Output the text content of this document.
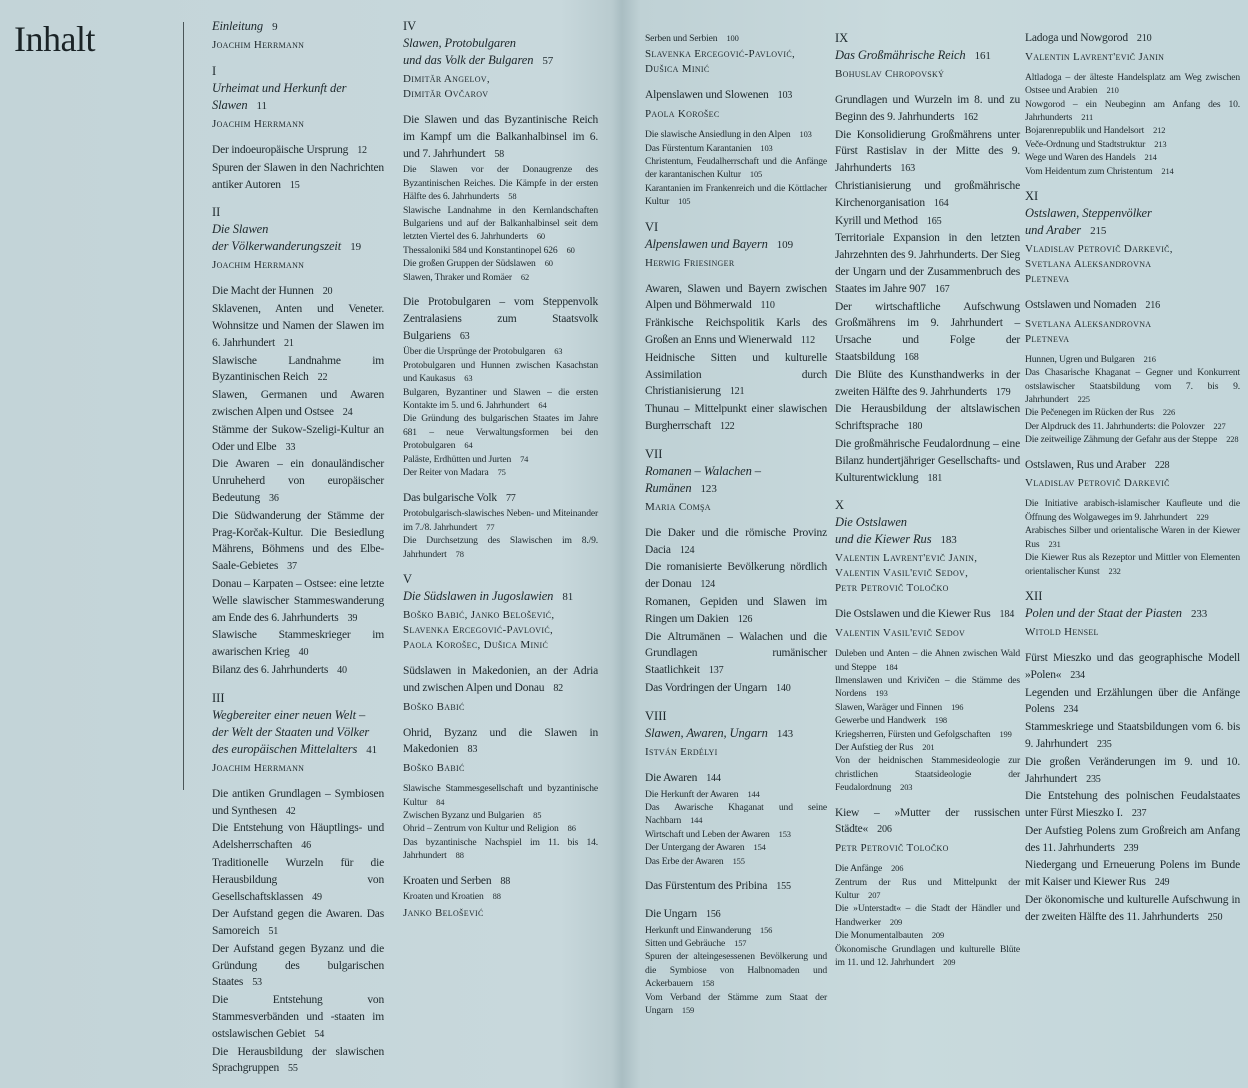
Inhalt	Einleitung 9
Joachim Herrmann
I
Urheimat und Herkunft der Slawen 11
Joachim Herrmann
Der indoeuropäische Ursprung 12
Spuren der Slawen in den Nachrichten antiker Autoren 15
II
Die Slawen
der Völkerwanderungszeit 19
Joachim Herrmann
Die Macht der Hunnen 20
Sklavenen, Anten und Veneter. Wohnsitze und Namen der Slawen im 6. Jahrhundert 21
Slawische Landnahme im Byzantinischen Reich 22
Slawen, Germanen und Awaren zwischen Alpen und Ostsee 24
Stämme der Sukow-Szeligi-Kultur an Oder und Elbe 33
Die Awaren – ein donauländischer Unruheherd von europäischer Bedeutung 36
Die Südwanderung der Stämme der Prag-Korčak-Kultur. Die Besiedlung Mährens, Böhmens und des Elbe-Saale-Gebietes 37
Donau – Karpaten – Ostsee: eine letzte Welle slawischer Stammeswanderung am Ende des 6. Jahrhunderts 39
Slawische Stammeskrieger im awarischen Krieg 40
Bilanz des 6. Jahrhunderts 40
III
Wegbereiter einer neuen Welt –
der Welt der Staaten und Völker
des europäischen Mittelalters 41
Joachim Herrmann
Die antiken Grundlagen – Symbiosen und Synthesen 42
Die Entstehung von Häuptlings- und Adelsherrschaften 46
Traditionelle Wurzeln für die Herausbildung von Gesellschaftsklassen 49
Der Aufstand gegen die Awaren. Das Samoreich 51
Der Aufstand gegen Byzanz und die Gründung des bulgarischen Staates 53
Die Entstehung von Stammesverbänden und -staaten im ostslawischen Gebiet 54
Die Herausbildung der slawischen Sprachgruppen 55
IV
Slawen, Protobulgaren
und das Volk der Bulgaren 57
Dimităr Angelov,
Dimităr Ovčarov
Die Slawen und das Byzantinische Reich im Kampf um die Balkanhalbinsel im 6. und 7. Jahrhundert 58
Die Slawen vor der Donaugrenze des Byzantinischen Reiches. Die Kämpfe in der ersten Hälfte des 6. Jahrhunderts 58
Slawische Landnahme in den Kernlandschaften Bulgariens und auf der Balkanhalbinsel seit dem letzten Viertel des 6. Jahrhunderts 60
Thessaloniki 584 und Konstantinopel 626 60
Die großen Gruppen der Südslawen 60
Slawen, Thraker und Romäer 62
Die Protobulgaren – vom Steppenvolk Zentralasiens zum Staatsvolk Bulgariens 63
Über die Ursprünge der Protobulgaren 63
Protobulgaren und Hunnen zwischen Kasachstan und Kaukasus 63
Bulgaren, Byzantiner und Slawen – die ersten Kontakte im 5. und 6. Jahrhundert 64
Die Gründung des bulgarischen Staates im Jahre 681 – neue Verwaltungsformen bei den Protobulgaren 64
Paläste, Erdhütten und Jurten 74
Der Reiter von Madara 75
Das bulgarische Volk 77
Protobulgarisch-slawisches Neben- und Miteinander im 7./8. Jahrhundert 77
Die Durchsetzung des Slawischen im 8./9. Jahrhundert 78
V
Die Südslawen in Jugoslawien 81
Boško Babić, Janko Belošević,
Slavenka Ercegović-Pavlović,
Paola Korošec, Dušica Minić
Südslawen in Makedonien, an der Adria und zwischen Alpen und Donau 82
Boško Babić
Ohrid, Byzanz und die Slawen in Makedonien 83
Boško Babić
Slawische Stammesgesellschaft und byzantinische Kultur 84
Zwischen Byzanz und Bulgarien 85
Ohrid – Zentrum von Kultur und Religion 86
Das byzantinische Nachspiel im 11. bis 14. Jahrhundert 88
Kroaten und Serben 88
Kroaten und Kroatien 88
Janko Belošević
Serben und Serbien 100
Slavenka Ercegović-Pavlović,
Dušica Minić
Alpenslawen und Slowenen 103
Paola Korošec
Die slawische Ansiedlung in den Alpen 103
Das Fürstentum Karantanien 103
Christentum, Feudalherrschaft und die Anfänge der karantanischen Kultur 105
Karantanien im Frankenreich und die Köttlacher Kultur 105
VI
Alpenslawen und Bayern 109
Herwig Friesinger
Awaren, Slawen und Bayern zwischen Alpen und Böhmerwald 110
Fränkische Reichspolitik Karls des Großen an Enns und Wienerwald 112
Heidnische Sitten und kulturelle Assimilation durch Christianisierung 121
Thunau – Mittelpunkt einer slawischen Burgherrschaft 122
VII
Romanen – Walachen – Rumänen 123
Maria Comşa
Die Daker und die römische Provinz Dacia 124
Die romanisierte Bevölkerung nördlich der Donau 124
Romanen, Gepiden und Slawen im Ringen um Dakien 126
Die Altrumänen – Walachen und die Grundlagen rumänischer Staatlichkeit 137
Das Vordringen der Ungarn 140
VIII
Slawen, Awaren, Ungarn 143
István Erdélyi
Die Awaren 144
Die Herkunft der Awaren 144
Das Awarische Khaganat und seine Nachbarn 144
Wirtschaft und Leben der Awaren 153
Der Untergang der Awaren 154
Das Erbe der Awaren 155
Das Fürstentum des Pribina 155
Die Ungarn 156
Herkunft und Einwanderung 156
Sitten und Gebräuche 157
Spuren der alteingesessenen Bevölkerung und die Symbiose von Halbnomaden und Ackerbauern 158
Vom Verband der Stämme zum Staat der Ungarn 159
IX
Das Großmährische Reich 161
Bohuslav Chropovský
Grundlagen und Wurzeln im 8. und zu Beginn des 9. Jahrhunderts 162
Die Konsolidierung Großmährens unter Fürst Rastislav in der Mitte des 9. Jahrhunderts 163
Christianisierung und großmährische Kirchenorganisation 164
Kyrill und Method 165
Territoriale Expansion in den letzten Jahrzehnten des 9. Jahrhunderts. Der Sieg der Ungarn und der Zusammenbruch des Staates im Jahre 907 167
Der wirtschaftliche Aufschwung Großmährens im 9. Jahrhundert – Ursache und Folge der Staatsbildung 168
Die Blüte des Kunsthandwerks in der zweiten Hälfte des 9. Jahrhunderts 179
Die Herausbildung der altslawischen Schriftsprache 180
Die großmährische Feudalordnung – eine Bilanz hundertjähriger Gesellschafts- und Kulturentwicklung 181
X
Die Ostslawen
und die Kiewer Rus 183
Valentin Lavrent'evič Janin,
Valentin Vasil'evič Sedov,
Petr Petrovič Toločko
Die Ostslawen und die Kiewer Rus 184
Valentin Vasil'evič Sedov
Duleben und Anten – die Ahnen zwischen Wald und Steppe 184
Ilmenslawen und Krivičen – die Stämme des Nordens 193
Slawen, Waräger und Finnen 196
Gewerbe und Handwerk 198
Kriegsherren, Fürsten und Gefolgschaften 199
Der Aufstieg der Rus 201
Von der heidnischen Stammesideologie zur christlichen Staatsideologie der Feudalordnung 203
Kiew – »Mutter der russischen Städte« 206
Petr Petrovič Toločko
Die Anfänge 206
Zentrum der Rus und Mittelpunkt der Kultur 207
Die »Unterstadt« – die Stadt der Händler und Handwerker 209
Die Monumentalbauten 209
Ökonomische Grundlagen und kulturelle Blüte im 11. und 12. Jahrhundert 209
Ladoga und Nowgorod 210
Valentin Lavrent'evič Janin
Altladoga – der älteste Handelsplatz am Weg zwischen Ostsee und Arabien 210
Nowgorod – ein Neubeginn am Anfang des 10. Jahrhunderts 211
Bojarenrepublik und Handelsort 212
Veče-Ordnung und Stadtstruktur 213
Wege und Waren des Handels 214
Vom Heidentum zum Christentum 214
XI
Ostslawen, Steppenvölker
und Araber 215
Vladislav Petrovič Darkevič,
Svetlana Aleksandrovna
Pletneva
Ostslawen und Nomaden 216
Svetlana Aleksandrovna
Pletneva
Hunnen, Ugren und Bulgaren 216
Das Chasarische Khaganat – Gegner und Konkurrent ostslawischer Staatsbildung vom 7. bis 9. Jahrhundert 225
Die Pečenegen im Rücken der Rus 226
Der Alpdruck des 11. Jahrhunderts: die Polovzer 227
Die zeitweilige Zähmung der Gefahr aus der Steppe 228
Ostslawen, Rus und Araber 228
Vladislav Petrovič Darkevič
Die Initiative arabisch-islamischer Kaufleute und die Öffnung des Wolgaweges im 9. Jahrhundert 229
Arabisches Silber und orientalische Waren in der Kiewer Rus 231
Die Kiewer Rus als Rezeptor und Mittler von Elementen orientalischer Kunst 232
XII
Polen und der Staat der Piasten 233
Witold Hensel
Fürst Mieszko und das geographische Modell »Polen« 234
Legenden und Erzählungen über die Anfänge Polens 234
Stammeskriege und Staatsbildungen vom 6. bis 9. Jahrhundert 235
Die großen Veränderungen im 9. und 10. Jahrhundert 235
Die Entstehung des polnischen Feudalstaates unter Fürst Mieszko I. 237
Der Aufstieg Polens zum Großreich am Anfang des 11. Jahrhunderts 239
Niedergang und Erneuerung Polens im Bunde mit Kaiser und Kiewer Rus 249
Der ökonomische und kulturelle Aufschwung in der zweiten Hälfte des 11. Jahrhunderts 250
